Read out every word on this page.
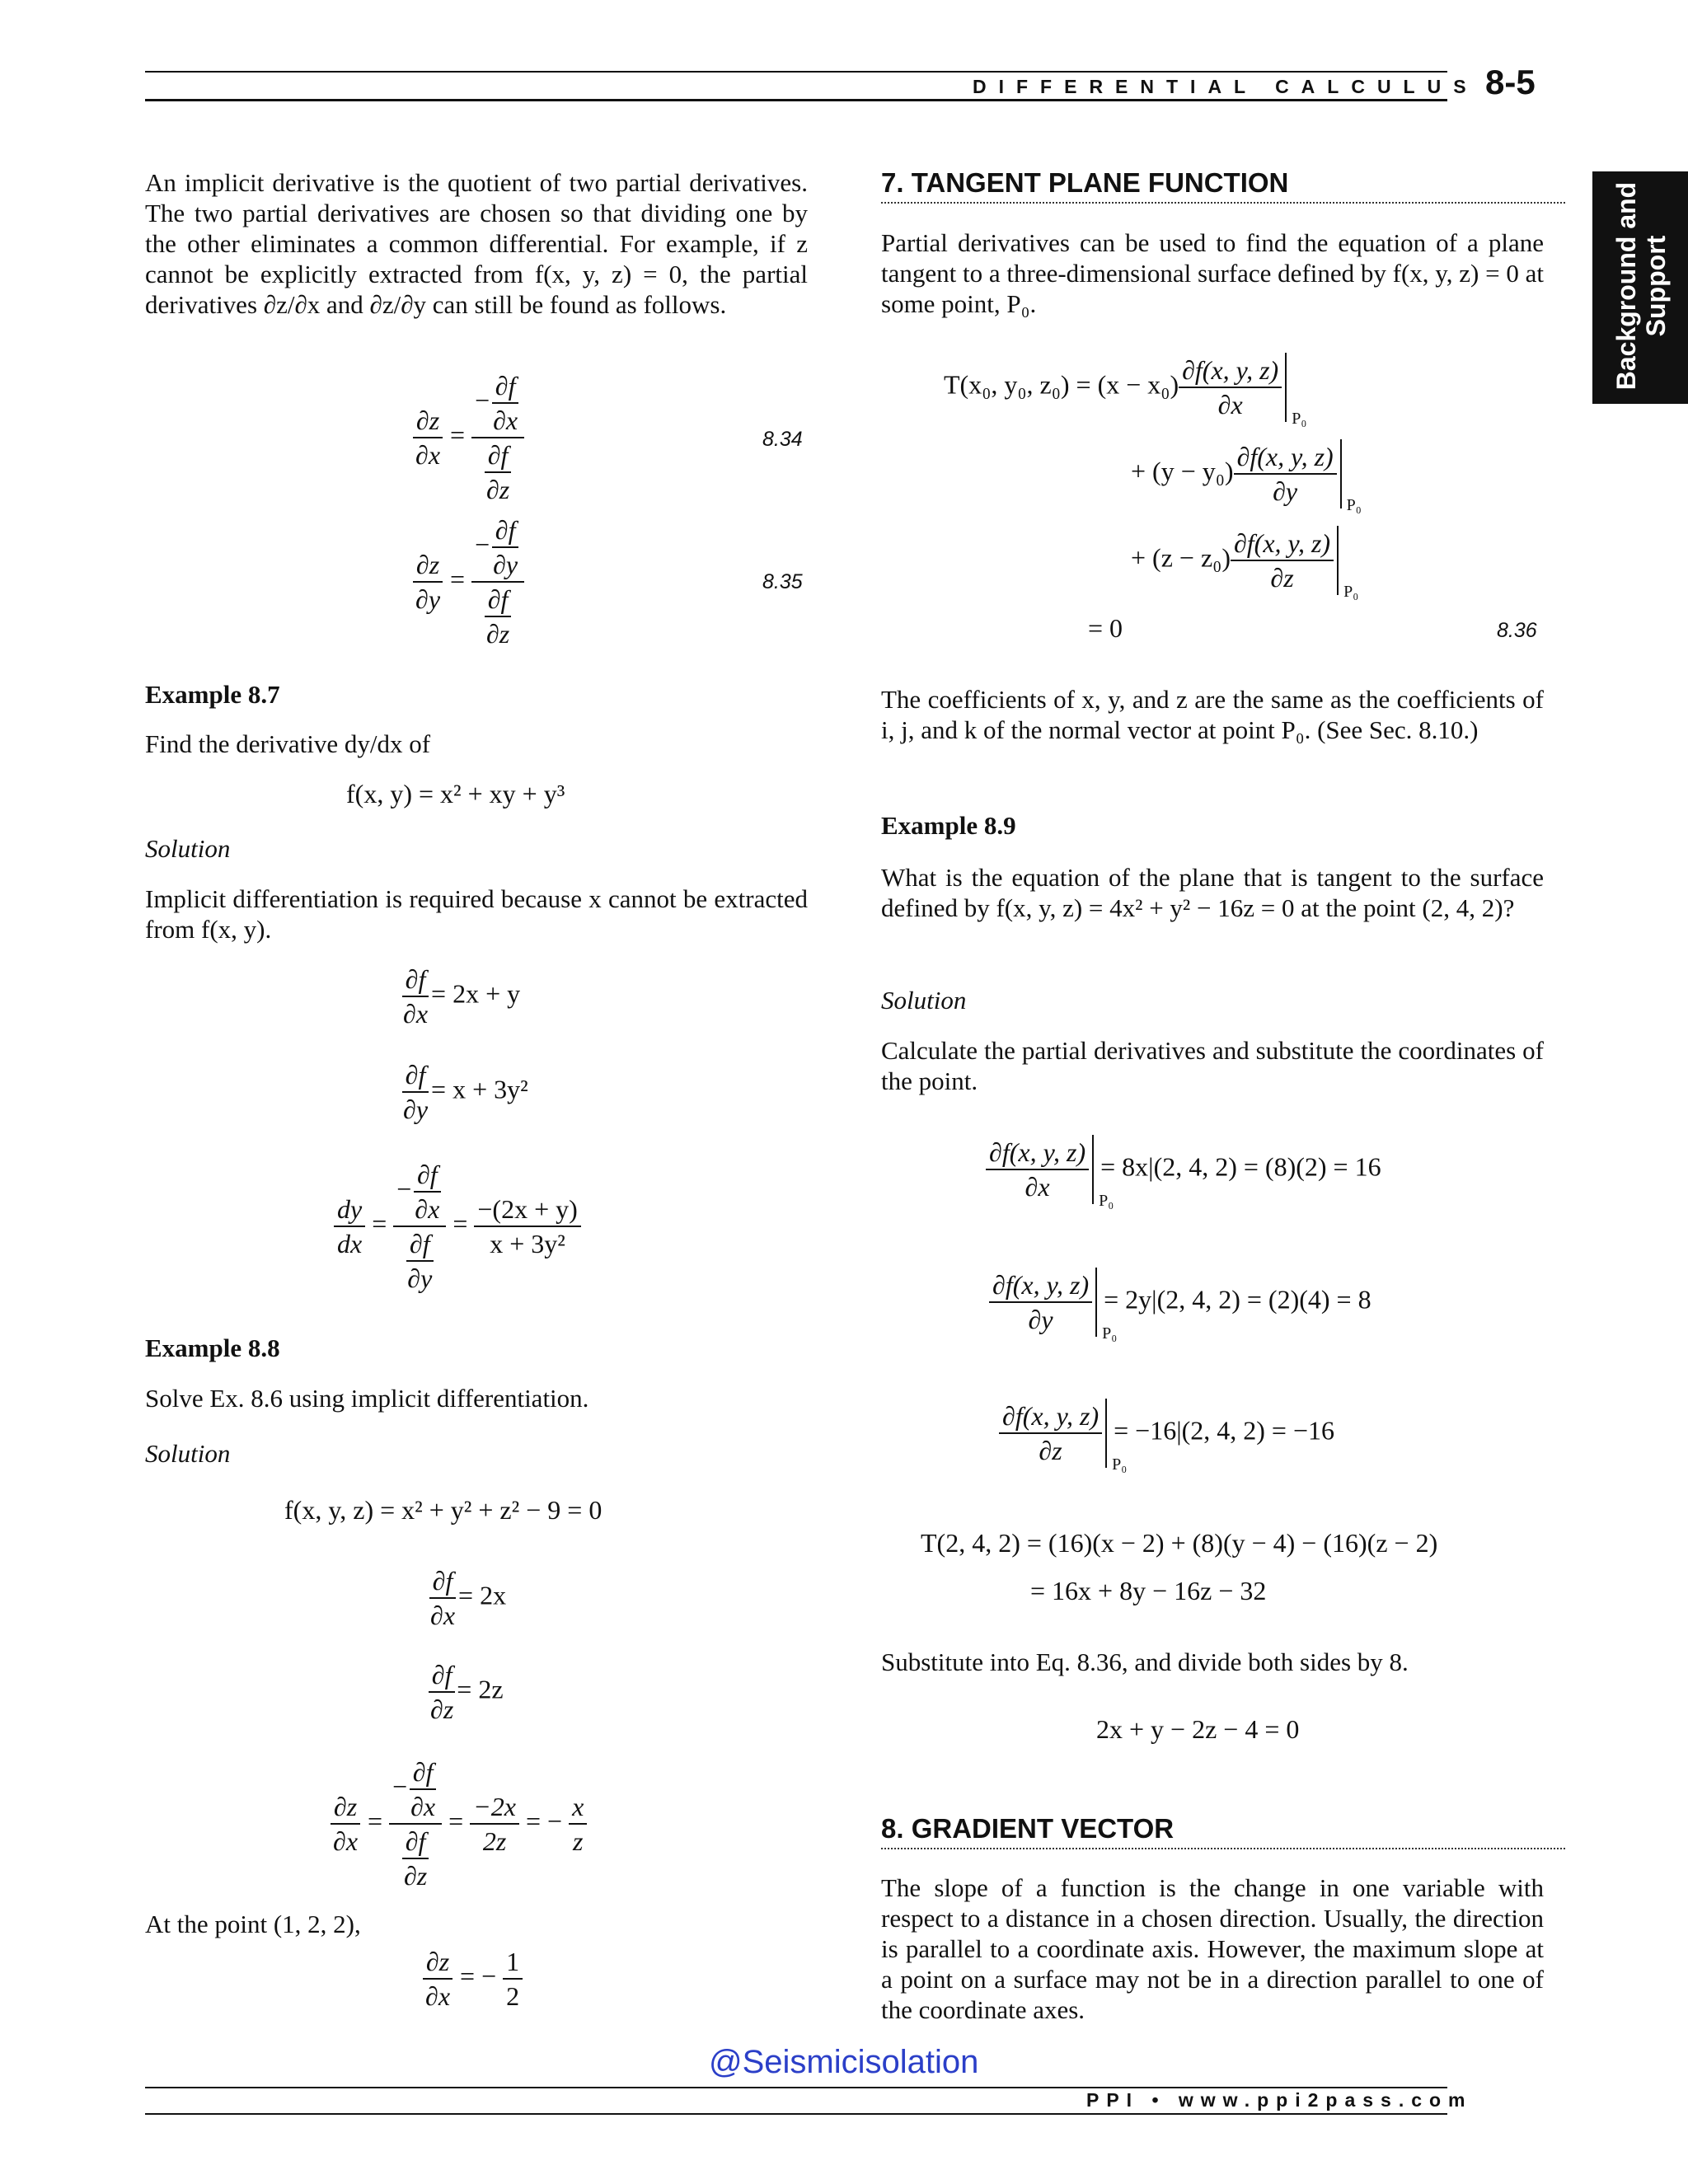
DIFFERENTIAL CALCULUS 8-5
Background and Support
An implicit derivative is the quotient of two partial derivatives. The two partial derivatives are chosen so that dividing one by the other eliminates a common differential. For example, if z cannot be explicitly extracted from f(x, y, z) = 0, the partial derivatives ∂z/∂x and ∂z/∂y can still be found as follows.
$\frac{\partial z}{\partial x} = \frac{- \frac{\partial f}{\partial x}}{\frac{\partial f}{\partial z}}$	8.34
$\frac{\partial z}{\partial y} = \frac{- \frac{\partial f}{\partial y}}{\frac{\partial f}{\partial z}}$	8.35
Example 8.7
Find the derivative dy/dx of
f(x, y) = x² + xy + y³
Solution
Implicit differentiation is required because x cannot be extracted from f(x, y).
$\frac{\partial f}{\partial x} = 2x + y$
$\frac{\partial f}{\partial y} = x + 3y^2$
$\frac{dy}{dx} = \frac{- \frac{\partial f}{\partial x}}{\frac{\partial f}{\partial y}} = \frac{-(2x + y)}{\text{x + 3y²}}$
Example 8.8
Solve Ex. 8.6 using implicit differentiation.
Solution
f(x, y, z) = x² + y² + z² − 9 = 0
$\frac{\partial f}{\partial x} = 2x$
$\frac{\partial f}{\partial z} = 2z$
$\frac{\partial z}{\partial x} = \frac{- \frac{\partial f}{\partial x}}{\frac{\partial f}{\partial z}} = \frac{-2x}{2z}$ = − $\frac{x}{z}$
At the point (1, 2, 2),
$\frac{\partial z}{\partial x}$ = − $\frac{1}{2}$
7. TANGENT PLANE FUNCTION
Partial derivatives can be used to find the equation of a plane tangent to a three-dimensional surface defined by f(x, y, z) = 0 at some point, P₀.
T(x₀, y₀, $z_0) = (x - x_0) \frac{\partial f(x, y, z)}{\partial x} P_0$
+ $(y - y_0) \frac{\partial f(x, y, z)}{\partial y} P_0$
+ $(z - z_0) \frac{\partial f(x, y, z)}{\partial z} P_0$
= 0	8.36
The coefficients of x, y, and z are the same as the coefficients of i, j, and k of the normal vector at point P₀. (See Sec. 8.10.)
Example 8.9
What is the equation of the plane that is tangent to the surface defined by f(x, y, z) = 4x² + y² − 16z = 0 at the point (2, 4, 2)?
Solution
Calculate the partial derivatives and substitute the coordinates of the point.
$\frac{\partial f(x, y, z)}{\partial x} P_0$
= 8x|(2, 4, 2) = (8)(2) = 16
$\frac{\partial f(x, y, z)}{\partial y} P_0$
= 2y|(2, 4, 2) = (2)(4) = 8
$\frac{\partial f(x, y, z)}{\partial z} P_0$
= −16|(2, 4, 2) = −16
T(2, 4, 2) = (16)(x − 2) + (8)(y − 4) − (16)(z − 2)
= 16x + 8y − 16z − 32
Substitute into Eq. 8.36, and divide both sides by 8.
2x + y − 2z − 4 = 0
8. GRADIENT VECTOR
The slope of a function is the change in one variable with respect to a distance in a chosen direction. Usually, the direction is parallel to a coordinate axis. However, the maximum slope at a point on a surface may not be in a direction parallel to one of the coordinate axes.
@Seismicisolation
PPI • www.ppi2pass.com
